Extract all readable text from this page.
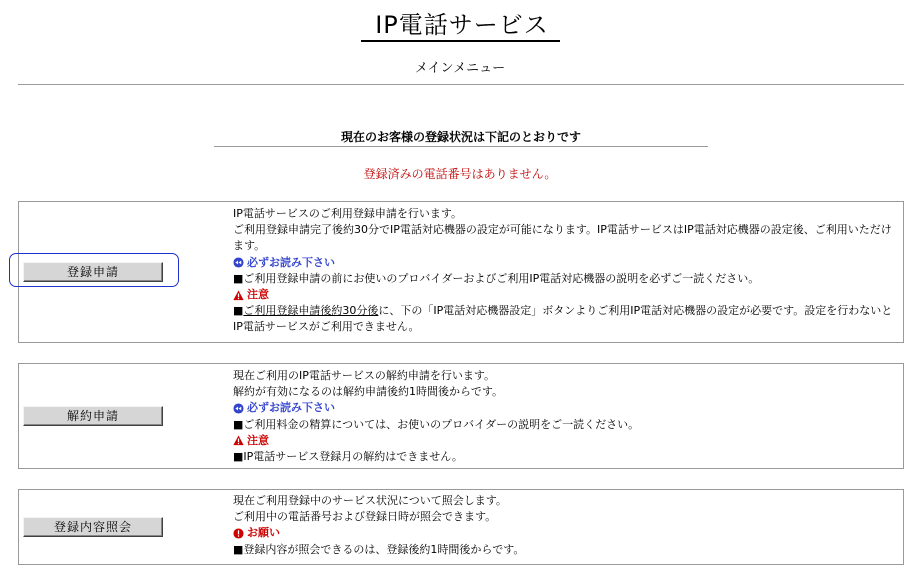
IP電話サービス
メインメニュー
現在のお客様の登録状況は下記のとおりです
登録済みの電話番号はありません。
登録申請

IP電話サービスのご利用登録申請を行います。

ご利用登録申請完了後約30分でIP電話対応機器の設定が可能になります。IP電話サービスはIP電話対応機器の設定後、ご利用いただけます。

必ずお読み下さい

■ご利用登録申請の前にお使いのプロバイダーおよびご利用IP電話対応機器の説明を必ずご一読ください。

注意

■ご利用登録申請後約30分後に、下の「IP電話対応機器設定」ボタンよりご利用IP電話対応機器の設定が必要です。設定を行わないとIP電話サービスがご利用できません。

解約申請

現在ご利用のIP電話サービスの解約申請を行います。

解約が有効になるのは解約申請後約1時間後からです。

必ずお読み下さい

■ご利用料金の精算については、お使いのプロバイダーの説明をご一読ください。

注意

■IP電話サービス登録月の解約はできません。

登録内容照会

現在ご利用登録中のサービス状況について照会します。

ご利用中の電話番号および登録日時が照会できます。

お願い

■登録内容が照会できるのは、登録後約1時間後からです。
